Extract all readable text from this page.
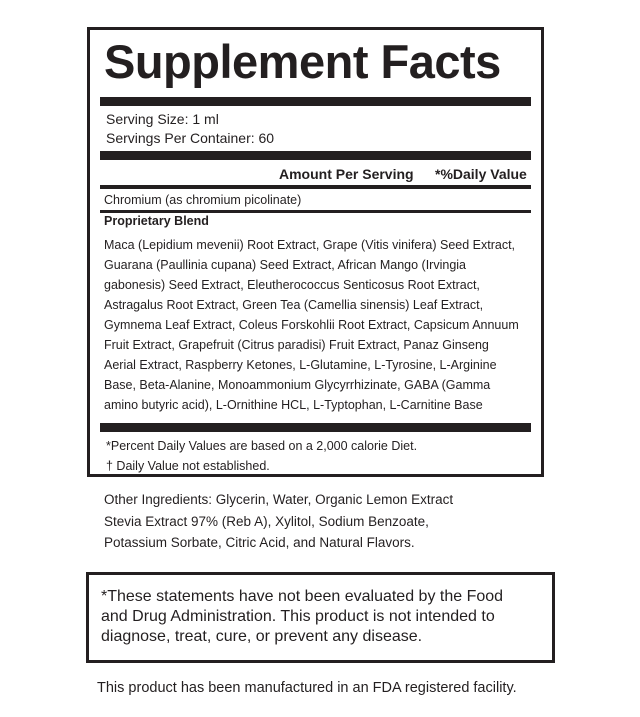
Supplement Facts
Serving Size: 1 ml
Servings Per Container: 60
Amount Per Serving *%Daily Value
Chromium (as chromium picolinate)
Proprietary Blend
Maca (Lepidium mevenii) Root Extract, Grape (Vitis vinifera) Seed Extract,
Guarana (Paullinia cupana) Seed Extract, African Mango (Irvingia
gabonesis) Seed Extract, Eleutherococcus Senticosus Root Extract,
Astragalus Root Extract, Green Tea (Camellia sinensis) Leaf Extract,
Gymnema Leaf Extract, Coleus Forskohlii Root Extract, Capsicum Annuum
Fruit Extract, Grapefruit (Citrus paradisi) Fruit Extract, Panaz Ginseng
Aerial Extract, Raspberry Ketones, L-Glutamine, L-Tyrosine, L-Arginine
Base, Beta-Alanine, Monoammonium Glycyrrhizinate, GABA (Gamma
amino butyric acid), L-Ornithine HCL, L-Typtophan, L-Carnitine Base
*Percent Daily Values are based on a 2,000 calorie Diet.
† Daily Value not established.
Other Ingredients: Glycerin, Water, Organic Lemon Extract
Stevia Extract 97% (Reb A), Xylitol, Sodium Benzoate,
Potassium Sorbate, Citric Acid, and Natural Flavors.
*These statements have not been evaluated by the Food
and Drug Administration. This product is not intended to
diagnose, treat, cure, or prevent any disease.
This product has been manufactured in an FDA registered facility.
